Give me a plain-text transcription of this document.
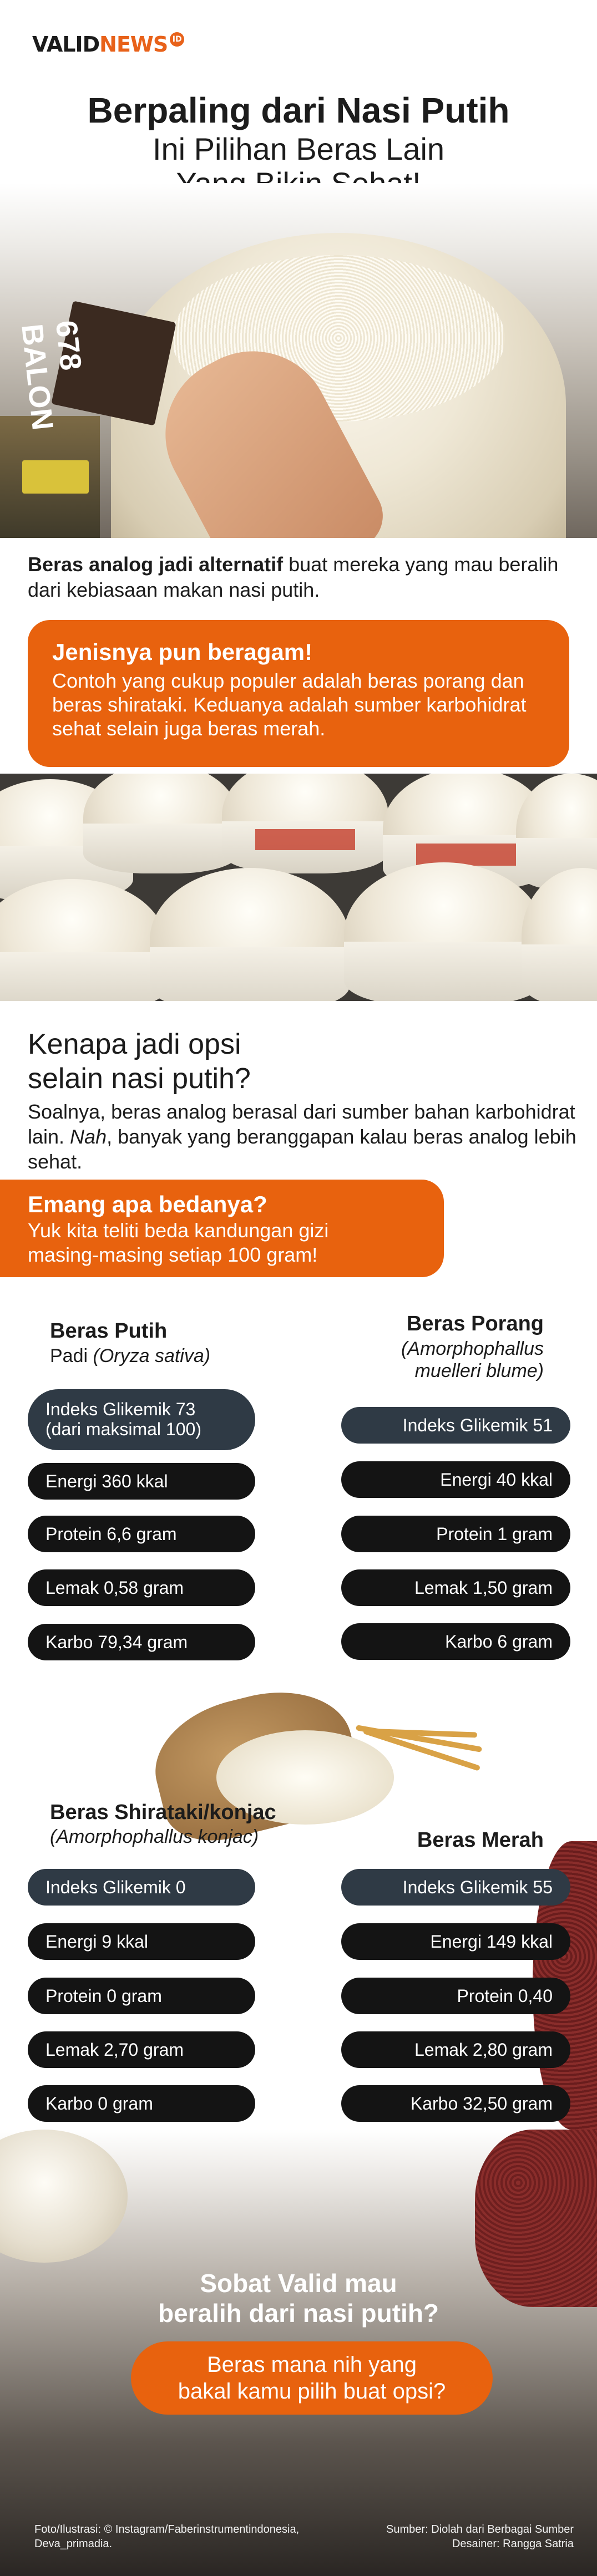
VALIDNEWS ID
Berpaling dari Nasi Putih
Ini Pilihan Beras Lain
678 BALON
Beras analog jadi alternatif buat mereka yang mau beralih dari kebiasaan makan nasi putih.
Jenisnya pun beragam!
Contoh yang cukup populer adalah beras porang dan beras shirataki. Keduanya adalah sumber karbohidrat sehat selain juga beras merah.
Kenapa jadi opsi
selain nasi putih?
Soalnya, beras analog berasal dari sumber bahan karbohidrat lain. Nah, banyak yang beranggapan kalau beras analog lebih sehat.
Emang apa bedanya?
Yuk kita teliti beda kandungan gizi
masing-masing setiap 100 gram!
Beras Putih
Padi (Oryza sativa)
Indeks Glikemik 73
(dari maksimal 100)
Energi 360 kkal
Protein 6,6 gram
Lemak 0,58 gram
Karbo 79,34 gram
Beras Porang
(Amorphophallus
muelleri blume)
Indeks Glikemik 51
Energi 40 kkal
Protein 1 gram
Lemak 1,50 gram
Karbo 6 gram
Beras Shirataki/konjac
(Amorphophallus konjac)
Indeks Glikemik 0
Energi 9 kkal
Protein 0 gram
Lemak 2,70 gram
Karbo 0 gram
Beras Merah
Indeks Glikemik 55
Energi 149 kkal
Protein 0,40
Lemak 2,80 gram
Karbo 32,50 gram
Sobat Valid mau
beralih dari nasi putih?
Beras mana nih yang
bakal kamu pilih buat opsi?
Foto/Ilustrasi: © Instagram/Faberinstrumentindonesia,
Deva_primadia.
Sumber: Diolah dari Berbagai Sumber
Desainer: Rangga Satria
